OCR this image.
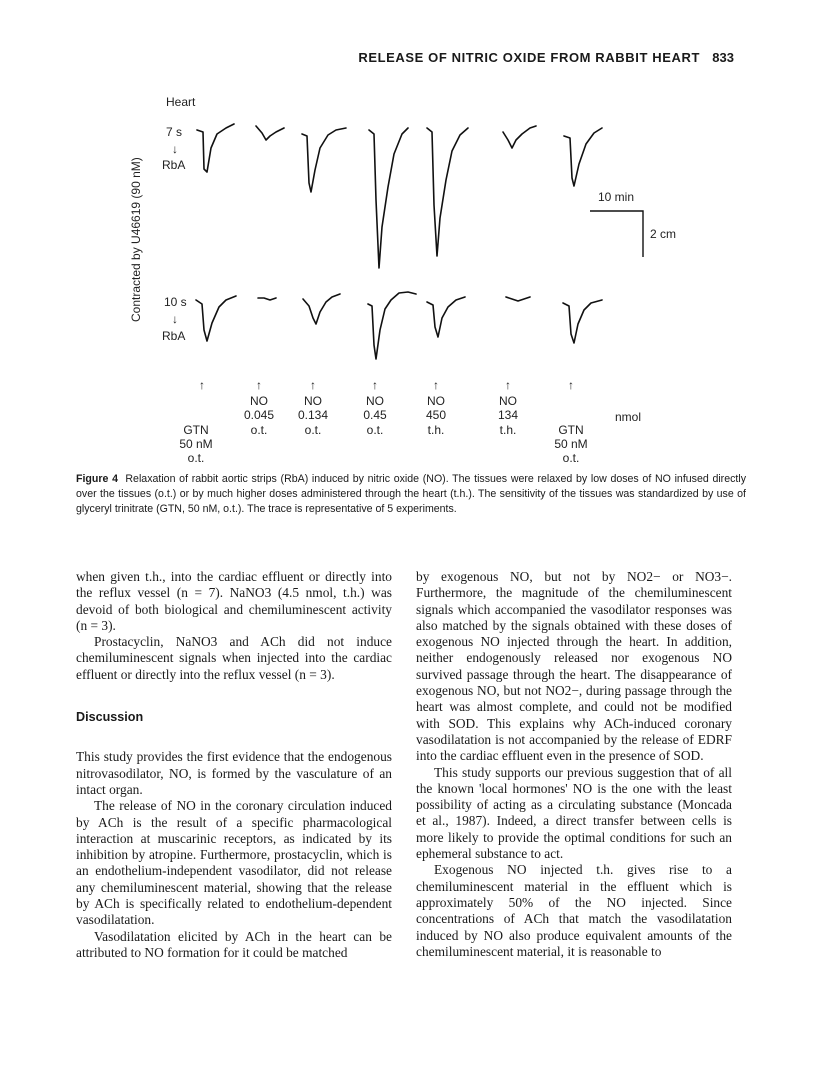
RELEASE OF NITRIC OXIDE FROM RABBIT HEART 833
Heart
Contracted by U46619 (90 nM)
7 s
↓
RbA
10 s
↓
RbA
10 min
2 cm
↑	↑	↑	↑	↑	↑	↑
GTN
50 nM
o.t.
NO
0.045
o.t.
NO
0.134
o.t.
NO
0.45
o.t.
NO
450
t.h.
NO
134
t.h.	GTN
50 nM
o.t.
nmol
Figure 4 Relaxation of rabbit aortic strips (RbA) induced by nitric oxide (NO). The tissues were relaxed by low doses of NO infused directly over the tissues (o.t.) or by much higher doses administered through the heart (t.h.). The sensitivity of the tissues was standardized by use of glyceryl trinitrate (GTN, 50 nM, o.t.). The trace is representative of 5 experiments.

when given t.h., into the cardiac effluent or directly into the reflux vessel (n = 7). NaNO3 (4.5 nmol, t.h.) was devoid of both biological and chemiluminescent activity (n = 3).

Prostacyclin, NaNO3 and ACh did not induce chemiluminescent signals when injected into the cardiac effluent or directly into the reflux vessel (n = 3).

Discussion

This study provides the first evidence that the endogenous nitrovasodilator, NO, is formed by the vasculature of an intact organ.

The release of NO in the coronary circulation induced by ACh is the result of a specific pharmacological interaction at muscarinic receptors, as indicated by its inhibition by atropine. Furthermore, prostacyclin, which is an endothelium-independent vasodilator, did not release any chemiluminescent material, showing that the release by ACh is specifically related to endothelium-dependent vasodilatation.

Vasodilatation elicited by ACh in the heart can be attributed to NO formation for it could be matched

by exogenous NO, but not by NO2− or NO3−. Furthermore, the magnitude of the chemiluminescent signals which accompanied the vasodilator responses was also matched by the signals obtained with these doses of exogenous NO injected through the heart. In addition, neither endogenously released nor exogenous NO survived passage through the heart. The disappearance of exogenous NO, but not NO2−, during passage through the heart was almost complete, and could not be modified with SOD. This explains why ACh-induced coronary vasodilatation is not accompanied by the release of EDRF into the cardiac effluent even in the presence of SOD.

This study supports our previous suggestion that of all the known 'local hormones' NO is the one with the least possibility of acting as a circulating substance (Moncada et al., 1987). Indeed, a direct transfer between cells is more likely to provide the optimal conditions for such an ephemeral substance to act.

Exogenous NO injected t.h. gives rise to a chemiluminescent material in the effluent which is approximately 50% of the NO injected. Since concentrations of ACh that match the vasodilatation induced by NO also produce equivalent amounts of the chemiluminescent material, it is reasonable to
